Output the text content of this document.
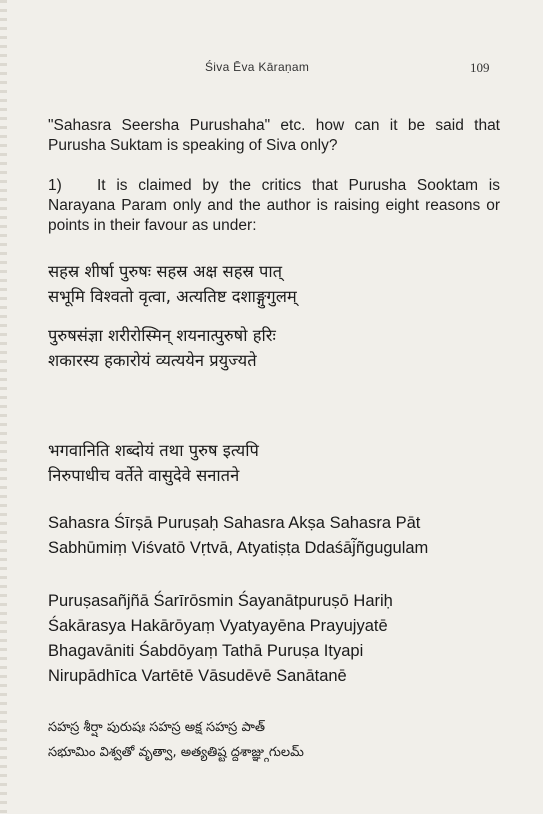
Śiva Ēva Kāraṇam	109
"Sahasra Seersha Purushaha" etc. how can it be said that Purusha Suktam is speaking of Siva only?
1) It is claimed by the critics that Purusha Sooktam is Narayana Param only and the author is raising eight reasons or points in their favour as under:
सहस्र शीर्षा पुरुषः सहस्र अक्ष सहस्र पात्
सभूमि विश्वतो वृत्वा, अत्यतिष्ट दशाङ्गुगुलम्
पुरुषसंज्ञा शरीरोस्मिन् शयनात्पुरुषो हरिः
शकारस्य हकारोयं व्यत्ययेन प्रयुज्यते
भगवानिति शब्दोयं तथा पुरुष इत्यपि
निरुपाधीच वर्तेते वासुदेवे सनातने
Sahasra Śīrṣā Puruṣaḥ Sahasra Akṣa Sahasra Pāt
Sabhūmiṃ Viśvatō Vṛtvā, Atyatiṣṭa Ddaśāj̃ñgugulam
Puruṣasañjñā Śarīrōsmin Śayanātpuruṣō Hariḥ
Śakārasya Hakārōyaṃ Vyatyayēna Prayujyatē
Bhagavāniti Śabdōyaṃ Tathā Puruṣa Ityapi
Nirupādhīca Vartētē Vāsudēvē Sanātanē
సహస్ర శీర్షా పురుషః సహస్ర అక్ష సహస్ర పాత్
సభూమిం విశ్వతో వృత్వా, అత్యతిష్ట ద్దశాజ్ఞ్గుగులమ్
